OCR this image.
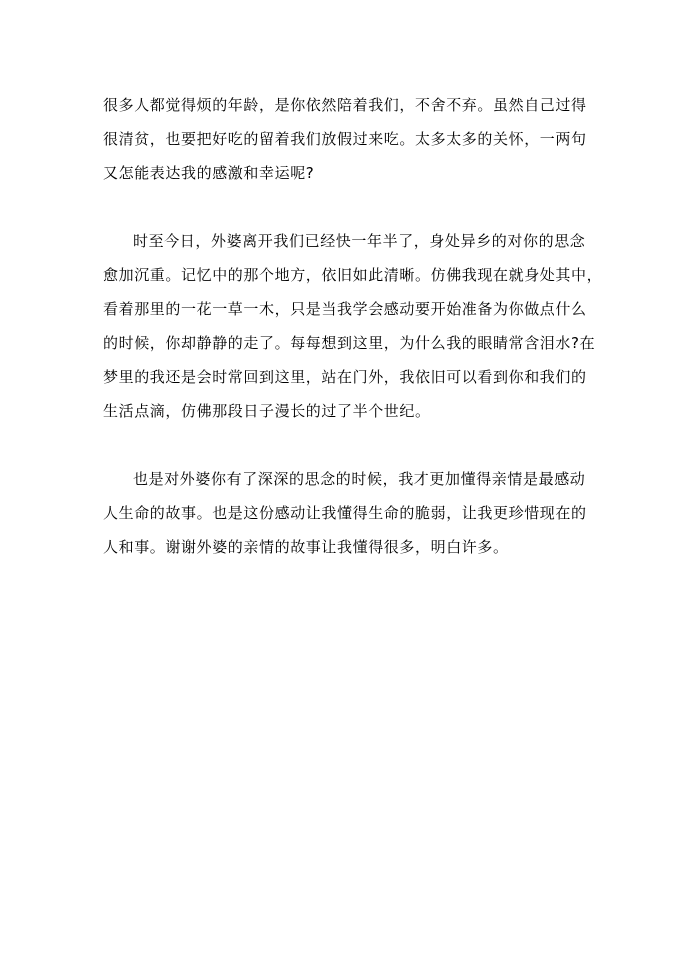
很多人都觉得烦的年龄，是你依然陪着我们，不舍不弃。虽然自己过得
很清贫，也要把好吃的留着我们放假过来吃。太多太多的关怀，一两句
又怎能表达我的感激和幸运呢?
时至今日，外婆离开我们已经快一年半了，身处异乡的对你的思念
愈加沉重。记忆中的那个地方，依旧如此清晰。仿佛我现在就身处其中，
看着那里的一花一草一木，只是当我学会感动要开始准备为你做点什么
的时候，你却静静的走了。每每想到这里，为什么我的眼睛常含泪水?在
梦里的我还是会时常回到这里，站在门外，我依旧可以看到你和我们的
生活点滴，仿佛那段日子漫长的过了半个世纪。
也是对外婆你有了深深的思念的时候，我才更加懂得亲情是最感动
人生命的故事。也是这份感动让我懂得生命的脆弱，让我更珍惜现在的
人和事。谢谢外婆的亲情的故事让我懂得很多，明白许多。
